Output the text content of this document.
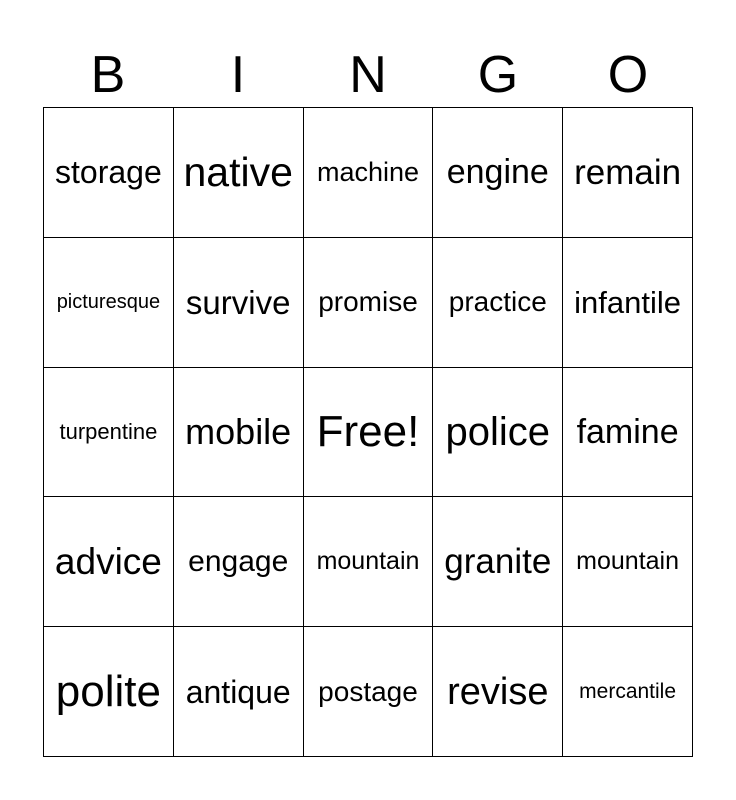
B	I	N	G	O
storage native machine engine remain
picturesque survive promise	practice infantile
turpentine mobile Free! police famine
advice engage	mountain granite mountain
polite antique postage revise	mercantile
